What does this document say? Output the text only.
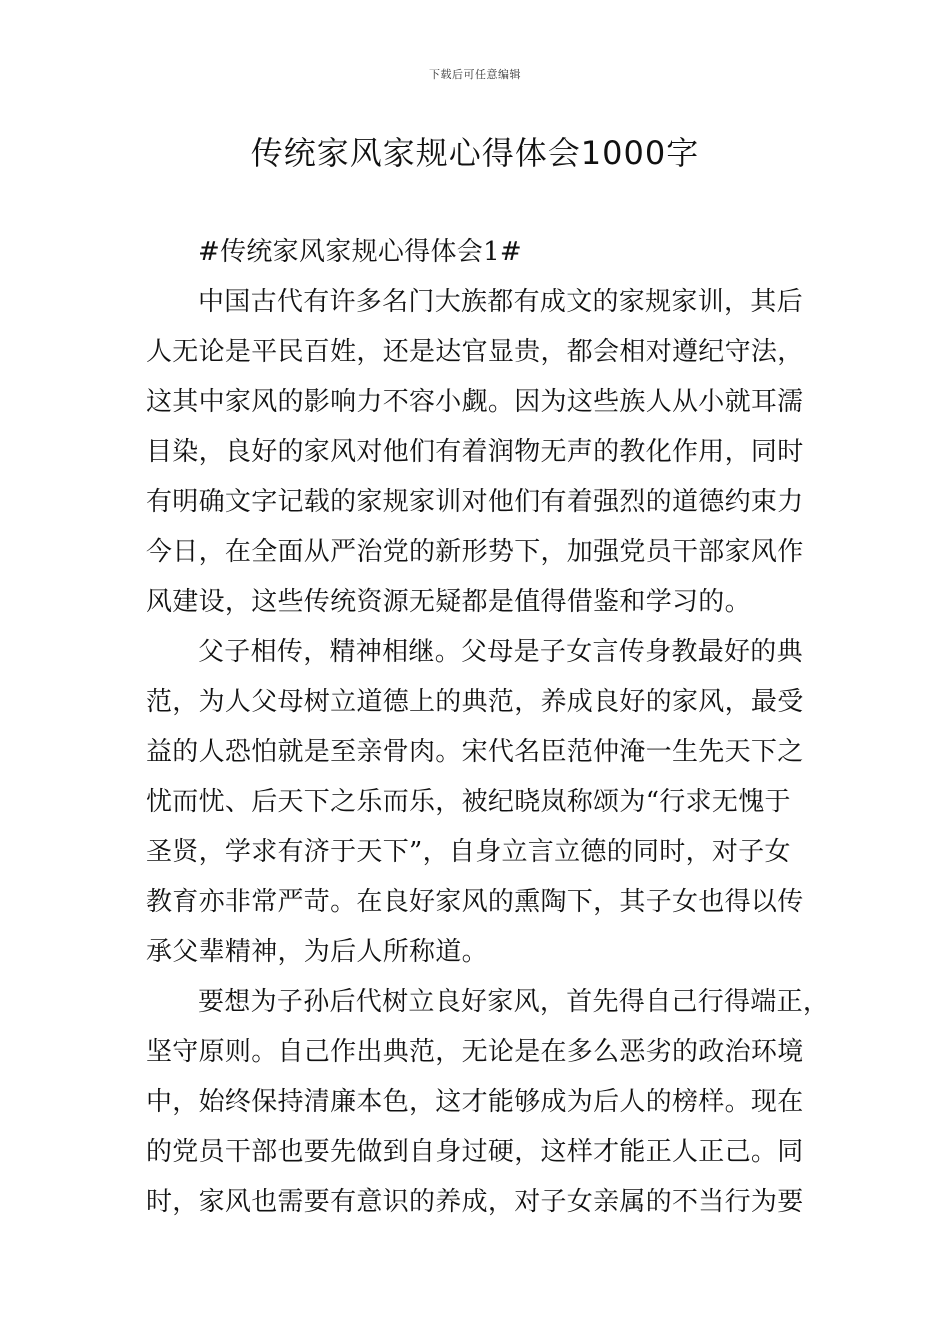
下载后可任意编辑
传统家风家规心得体会1000字
#传统家风家规心得体会1#
中国古代有许多名门大族都有成文的家规家训，其后
人无论是平民百姓，还是达官显贵，都会相对遵纪守法，
这其中家风的影响力不容小觑。因为这些族人从小就耳濡
目染，良好的家风对他们有着润物无声的教化作用，同时
有明确文字记载的家规家训对他们有着强烈的道德约束力
今日，在全面从严治党的新形势下，加强党员干部家风作
风建设，这些传统资源无疑都是值得借鉴和学习的。
父子相传，精神相继。父母是子女言传身教最好的典
范，为人父母树立道德上的典范，养成良好的家风，最受
益的人恐怕就是至亲骨肉。宋代名臣范仲淹一生先天下之
忧而忧、后天下之乐而乐，被纪晓岚称颂为“行求无愧于
圣贤，学求有济于天下”，自身立言立德的同时，对子女
教育亦非常严苛。在良好家风的熏陶下，其子女也得以传
承父辈精神，为后人所称道。
要想为子孙后代树立良好家风，首先得自己行得端正，
坚守原则。自己作出典范，无论是在多么恶劣的政治环境
中，始终保持清廉本色，这才能够成为后人的榜样。现在
的党员干部也要先做到自身过硬，这样才能正人正己。同
时，家风也需要有意识的养成，对子女亲属的不当行为要
